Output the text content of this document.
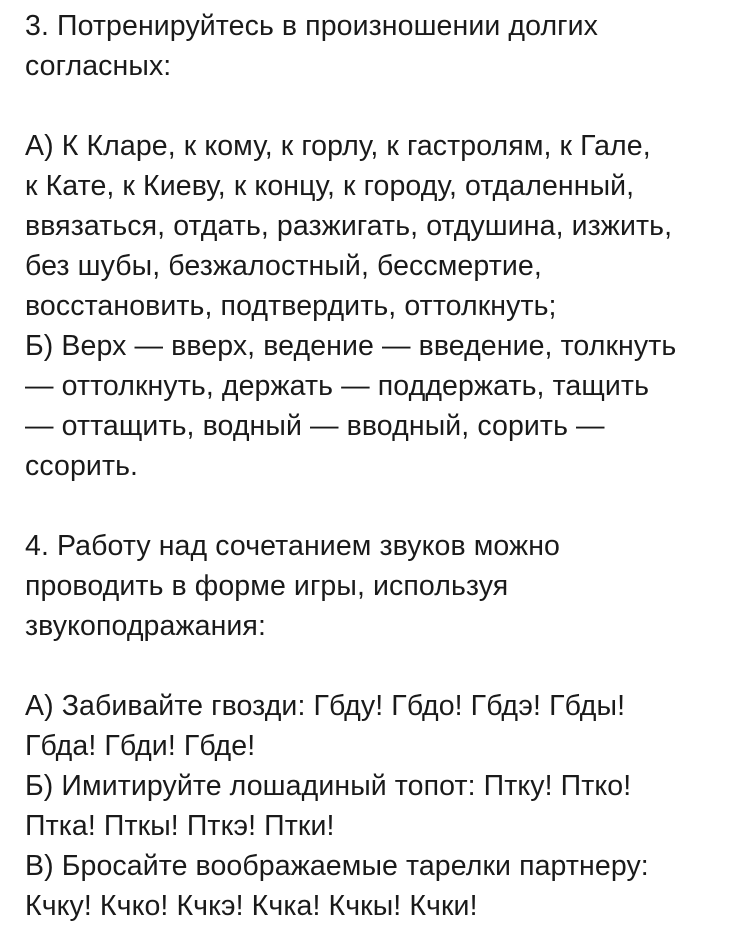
3. Потренируйтесь в произношении долгих
согласных:
А) К Кларе, к кому, к горлу, к гастролям, к Гале,
к Кате, к Киеву, к концу, к городу, отдаленный,
ввязаться, отдать, разжигать, отдушина, изжить,
без шубы, безжалостный, бессмертие,
восстановить, подтвердить, оттолкнуть;
Б) Верх — вверх, ведение — введение, толкнуть
— оттолкнуть, держать — поддержать, тащить
— оттащить, водный — вводный, сорить —
ссорить.
4. Работу над сочетанием звуков можно
проводить в форме игры, используя
звукоподражания:
А) Забивайте гвозди: Гбду! Гбдо! Гбдэ! Гбды!
Гбда! Гбди! Гбде!
Б) Имитируйте лошадиный топот: Птку! Птко!
Птка! Пткы! Пткэ! Птки!
В) Бросайте воображаемые тарелки партнеру:
Кчку! Кчко! Кчкэ! Кчка! Кчкы! Кчки!
